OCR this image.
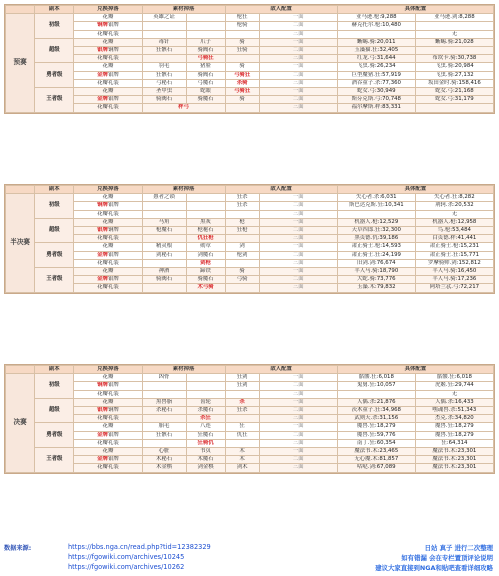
	副本	兑换掉落	素材掉落		敌人配置		具体配置		
预赛	初级	花瓣	英雄之证		枪狂	一面	亚马逊.枪:9,288	亚马逊.剑:8,288	
		铜牌银牌			枪骑	二面	赫克托尔.枪:10,480		
		花瓣礼装				三面		无	
	超级	花瓣	毒针	爪子	骑	一面	蜥蜴.骑:20,011	蜥蜴.骑:21,028	
		银牌铜牌	狂骸石	骑阀石	狂骑	二面	玉藻猫.狂:32,405		
		花瓣礼装		弓骑狂		三面	红龙.弓:31,644	布坎卡.骑:30,738	
	勇者级	花瓣	羽毛	猪脸	骑	一面	飞虫.骑:26,234	飞虫.骑:20,984	
		金牌银牌	狂骸石	骑阀石	弓骑狂	二面	巨型魔猪.狂:57,919	飞虫.骑:27,132	
		花瓣礼装	弓秘石	弓魔石	杀骑	三面	酒吞童子.杀:77,360	坂田金时.骑:158,416	
	王者级	花瓣	圣甲虫	蛇眼	弓骑狂	一面	蛇女.弓:30,949	蛇女.弓:21,168	
		金牌银牌	骑阀石	骑魔石	骑	二面	斯芬克斯.弓:70,748	蛇女.弓:31,179	
		花瓣礼装	秤弓			三面	福尔摩斯.秤:83,331		
	副本	兑换掉落	素材掉落		敌人配置		具体配置		
半决赛	初级	花瓣	愚者之锁		狂杀	一面	失心者.杀:6,031	失心者.狂:8,282	
		铜牌银牌			狂杀	二面	斯巴达克斯.狂:10,341	荆轲.杀:20,532	
		花瓣礼装				三面		无	
	超级	花瓣	马角	黑灰	枪	一面	机器人.枪:12,529	机器人.枪:12,958	
		银牌铜牌	枪魔石	枪秘石	狂枪	二面	天草四郎.狂:32,300	鸟.枪:53,484	
		花瓣礼装		仇狂枪		三面	黑贞德.仇:39,186	白贞德.秤:41,441	
	勇者级	花瓣	精灵根	勋章	剑	一面	肃正骑士.枪:14,593	肃正骑士.枪:15,231	
		金牌银牌	剑秘石	剑魔石	枪剑	二面	肃正骑士.狂:24,199	肃正骑士.狂:15,771	
		花瓣礼装		剑枪		三面	旧剑.剑:76,674	罗摩骑帅.剑:152,812	
	王者级	花瓣	神酒	蹄铁	骑	一面	半人马.骑:18,790	半人马.骑:16,450	
		金牌银牌	骑阀石	骑魔石	弓骑	二面	大蛇.骑:73,776	半人马.骑:17,236	
		花瓣礼装		术弓骑		三面	玉藻.术:79,832	阿塔兰忒.弓:72,217	
	副本	兑换掉落	素材掉落		敌人配置		具体配置		
决赛	初级	花瓣	凶骨		狂剑	一面	骷髅.狂:6,018	骷髅.狂:6,018	
		铜牌银牌			狂剑	二面	鬼舅.狂:10,057	虎姬.狂:29,744	
		花瓣礼装				三面		无	
	超级	花瓣	黑兽脂	齿轮	杀	一面	人偶.杀:21,876	人偶.杀:16,433	
		银牌铜牌	杀秘石	杀魔石	狂杀	二面	茨木童子.狂:34,968	嘿魂兽.杀:51,343	
		花瓣礼装		杀狂		三面	武则天.杀:31,156	杰克.杀:34,820	
	勇者级	花瓣	胎毛	八连	狂	一面	魔兽.狂:18,279	魔兽.狂:18,279	
		金牌银牌	狂骸石	狂魔石	仇狂	二面	魔兽.狂:59,776	魔兽.狂:18,279	
		花瓣礼装		狂骑仇		三面	南丁.狂:60,354	狂:64,314	
	王者级	花瓣	心脏	书页	术	一面	魔法书.术:23,465	魔法书.术:23,301	
		金牌银牌	术秘石	术魔石	术	二面	无心魔.术:81,857	魔法书.术:23,301	
		花瓣礼装	术金棋	剑金棋	剑术	三面	咕哒.剑:67,089	魔法书.术:23,301	
数据来源:	https://bbs.nga.cn/read.php?tid=12382329
https://fgowiki.com/archives/10245
https://fgowiki.com/archives/10262
日站 真子 进行二次整理
如有错漏 会在专栏置顶评论说明
建议大家直接到NGA和贴吧查看详细攻略
